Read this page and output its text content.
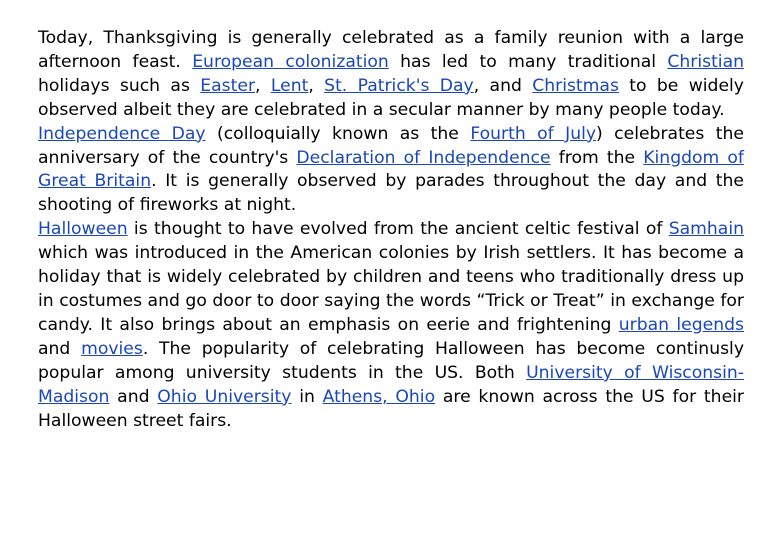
Today, Thanksgiving is generally celebrated as a family reunion with a large afternoon feast. European colonization has led to many traditional Christian holidays such as Easter, Lent, St. Patrick's Day, and Christmas to be widely observed albeit they are celebrated in a secular manner by many people today.

Independence Day (colloquially known as the Fourth of July) celebrates the anniversary of the country's Declaration of Independence from the Kingdom of Great Britain. It is generally observed by parades throughout the day and the shooting of fireworks at night.

Halloween is thought to have evolved from the ancient celtic festival of Samhain which was introduced in the American colonies by Irish settlers. It has become a holiday that is widely celebrated by children and teens who traditionally dress up in costumes and go door to door saying the words “Trick or Treat” in exchange for candy. It also brings about an emphasis on eerie and frightening urban legends and movies. The popularity of celebrating Halloween has become continusly popular among university students in the US. Both University of Wisconsin-Madison and Ohio University in Athens, Ohio are known across the US for their Halloween street fairs.
